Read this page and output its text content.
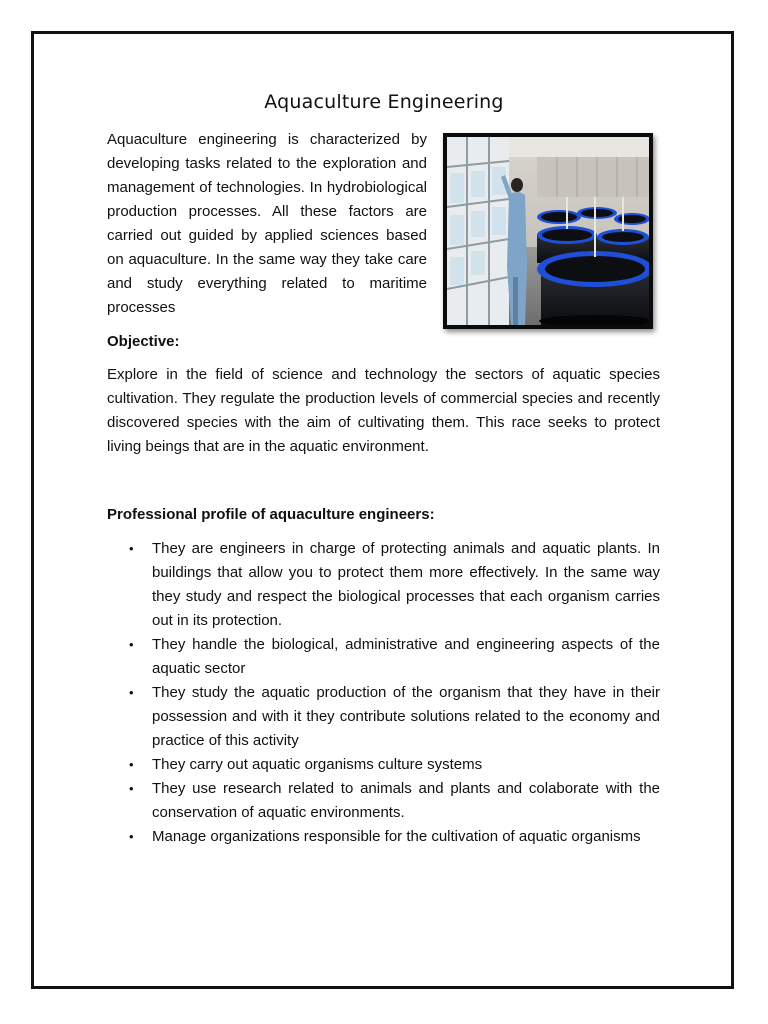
Aquaculture Engineering

Aquaculture engineering is characterized by developing tasks related to the exploration and management of technologies. In hydrobiological production processes. All these factors are carried out guided by applied sciences based on aquaculture. In the same way they take care and study everything related to maritime processes

Objective:

Explore in the field of science and technology the sectors of aquatic species cultivation. They regulate the production levels of commercial species and recently discovered species with the aim of cultivating them. This race seeks to protect living beings that are in the aquatic environment.

Professional profile of aquaculture engineers:

• They are engineers in charge of protecting animals and aquatic plants. In buildings that allow you to protect them more effectively. In the same way they study and respect the biological processes that each organism carries out in its protection.
• They handle the biological, administrative and engineering aspects of the aquatic sector
• They study the aquatic production of the organism that they have in their possession and with it they contribute solutions related to the economy and practice of this activity
• They carry out aquatic organisms culture systems
• They use research related to animals and plants and colaborate with the conservation of aquatic environments.
• Manage organizations responsible for the cultivation of aquatic organisms
